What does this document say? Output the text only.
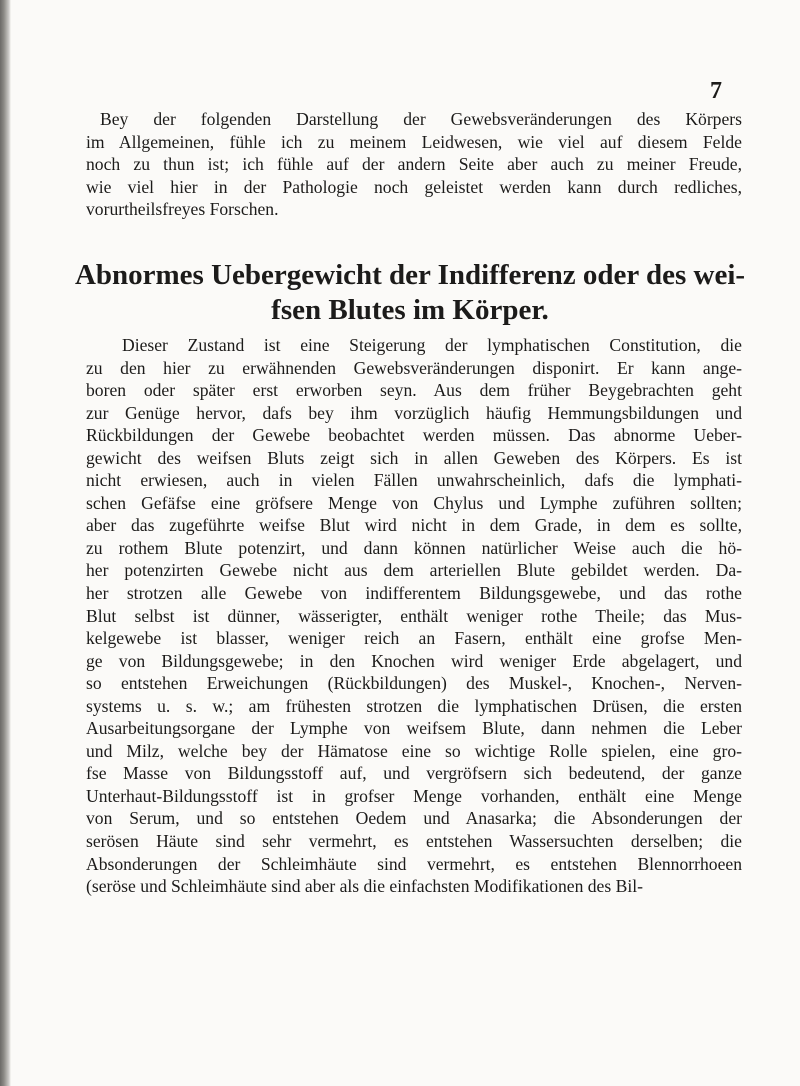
7

Bey der folgenden Darstellung der Gewebsveränderungen des Körpers
im Allgemeinen, fühle ich zu meinem Leidwesen, wie viel auf diesem Felde
noch zu thun ist; ich fühle auf der andern Seite aber auch zu meiner Freude,
wie viel hier in der Pathologie noch geleistet werden kann durch redliches,
vorurtheilsfreyes Forschen.

Abnormes Uebergewicht der Indifferenz oder des wei-
fsen Blutes im Körper.

Dieser Zustand ist eine Steigerung der lymphatischen Constitution, die
zu den hier zu erwähnenden Gewebsveränderungen disponirt. Er kann ange-
boren oder später erst erworben seyn. Aus dem früher Beygebrachten geht
zur Genüge hervor, dafs bey ihm vorzüglich häufig Hemmungsbildungen und
Rückbildungen der Gewebe beobachtet werden müssen. Das abnorme Ueber-
gewicht des weifsen Bluts zeigt sich in allen Geweben des Körpers. Es ist
nicht erwiesen, auch in vielen Fällen unwahrscheinlich, dafs die lymphati-
schen Gefäfse eine gröfsere Menge von Chylus und Lymphe zuführen sollten;
aber das zugeführte weifse Blut wird nicht in dem Grade, in dem es sollte,
zu rothem Blute potenzirt, und dann können natürlicher Weise auch die hö-
her potenzirten Gewebe nicht aus dem arteriellen Blute gebildet werden. Da-
her strotzen alle Gewebe von indifferentem Bildungsgewebe, und das rothe
Blut selbst ist dünner, wässerigter, enthält weniger rothe Theile; das Mus-
kelgewebe ist blasser, weniger reich an Fasern, enthält eine grofse Men-
ge von Bildungsgewebe; in den Knochen wird weniger Erde abgelagert, und
so entstehen Erweichungen (Rückbildungen) des Muskel-, Knochen-, Nerven-
systems u. s. w.; am frühesten strotzen die lymphatischen Drüsen, die ersten
Ausarbeitungsorgane der Lymphe von weifsem Blute, dann nehmen die Leber
und Milz, welche bey der Hämatose eine so wichtige Rolle spielen, eine gro-
fse Masse von Bildungsstoff auf, und vergröfsern sich bedeutend, der ganze
Unterhaut-Bildungsstoff ist in grofser Menge vorhanden, enthält eine Menge
von Serum, und so entstehen Oedem und Anasarka; die Absonderungen der
serösen Häute sind sehr vermehrt, es entstehen Wassersuchten derselben; die
Absonderungen der Schleimhäute sind vermehrt, es entstehen Blennorrhoeen
(seröse und Schleimhäute sind aber als die einfachsten Modifikationen des Bil-
